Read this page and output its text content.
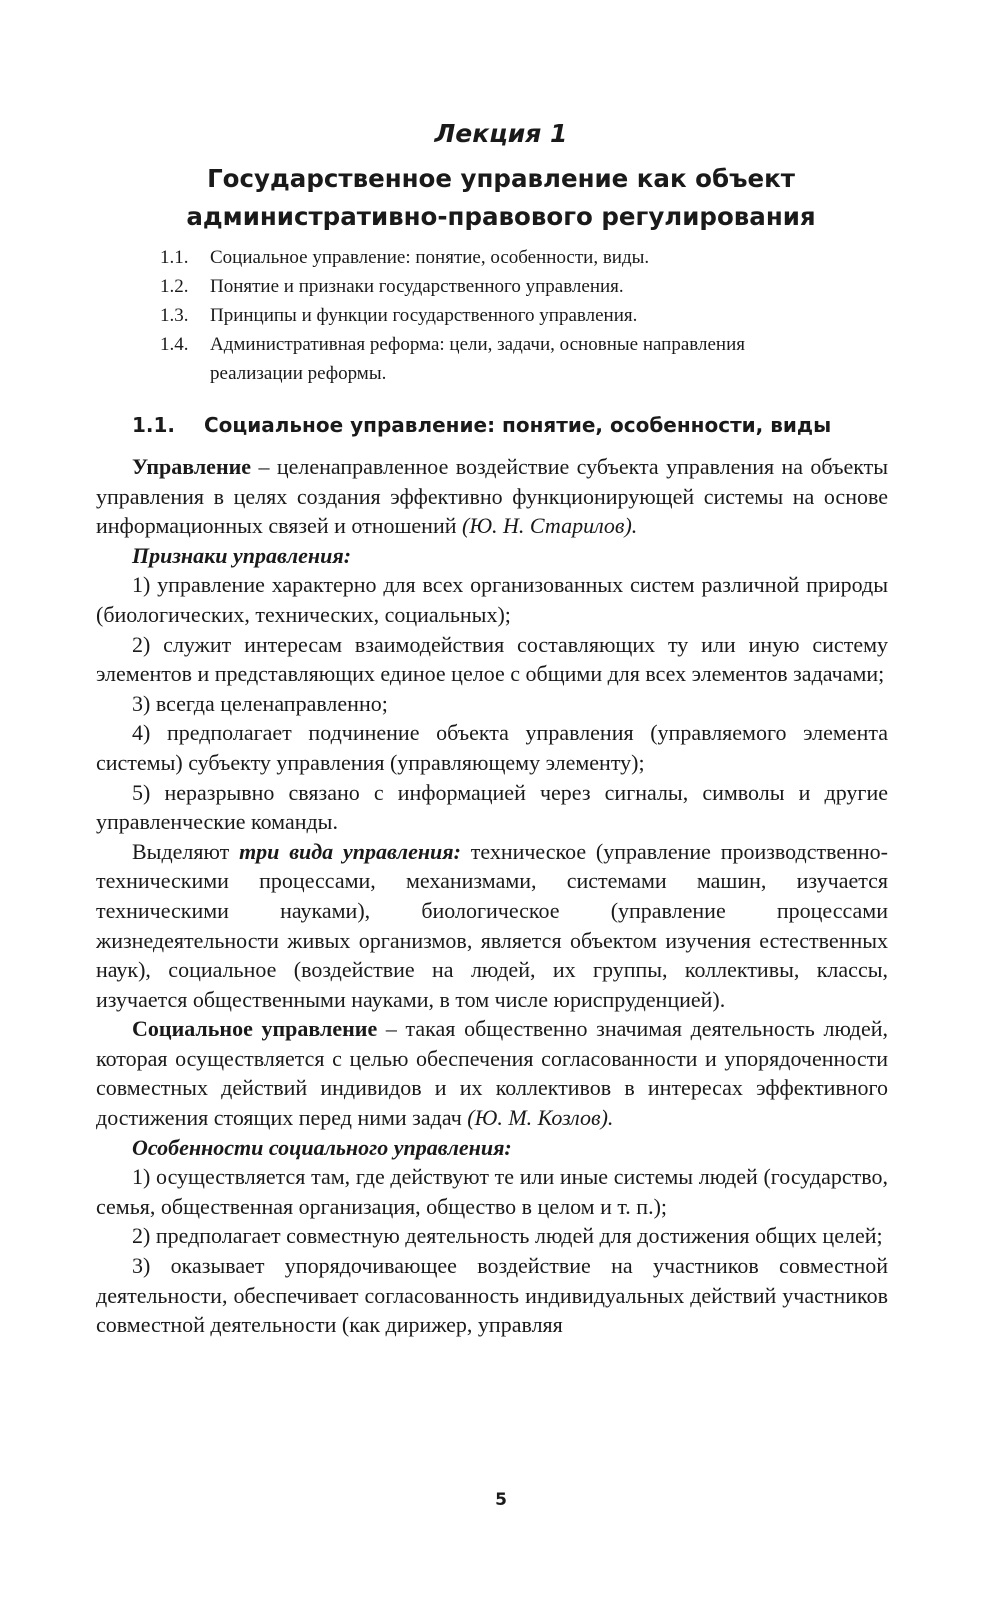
Лекция 1
Государственное управление как объект
административно-правового регулирования
1.1. Социальное управление: понятие, особенности, виды.
1.2. Понятие и признаки государственного управления.
1.3. Принципы и функции государственного управления.
1.4. Административная реформа: цели, задачи, основные направления реализации реформы.
1.1. Социальное управление: понятие, особенности, виды

Управление – целенаправленное воздействие субъекта управления на объекты управления в целях создания эффективно функционирующей системы на основе информационных связей и отношений (Ю. Н. Старилов).

Признаки управления:

1) управление характерно для всех организованных систем различной природы (биологических, технических, социальных);

2) служит интересам взаимодействия составляющих ту или иную систему элементов и представляющих единое целое с общими для всех элементов задачами;

3) всегда целенаправленно;

4) предполагает подчинение объекта управления (управляемого элемента системы) субъекту управления (управляющему элементу);

5) неразрывно связано с информацией через сигналы, символы и другие управленческие команды.

Выделяют три вида управления: техническое (управление производственно-техническими процессами, механизмами, системами машин, изучается техническими науками), биологическое (управление процессами жизнедеятельности живых организмов, является объектом изучения естественных наук), социальное (воздействие на людей, их группы, коллективы, классы, изучается общественными науками, в том числе юриспруденцией).

Социальное управление – такая общественно значимая деятельность людей, которая осуществляется с целью обеспечения согласованности и упорядоченности совместных действий индивидов и их коллективов в интересах эффективного достижения стоящих перед ними задач (Ю. М. Козлов).

Особенности социального управления:

1) осуществляется там, где действуют те или иные системы людей (государство, семья, общественная организация, общество в целом и т. п.);

2) предполагает совместную деятельность людей для достижения общих целей;

3) оказывает упорядочивающее воздействие на участников совместной деятельности, обеспечивает согласованность индивидуальных действий участников совместной деятельности (как дирижер, управляя

5
